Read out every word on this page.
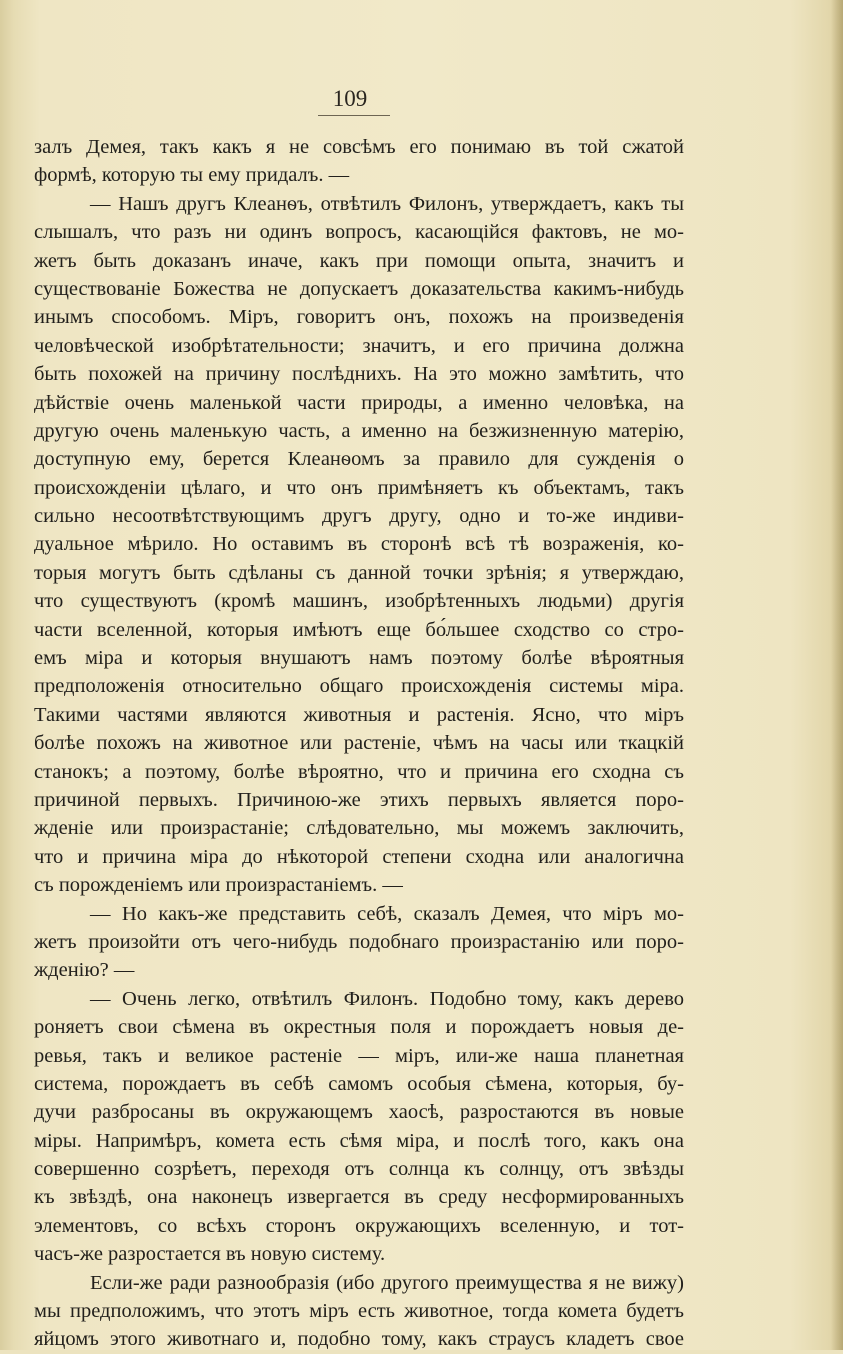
109
залъ Демея, такъ какъ я не совсѣмъ его понимаю въ той сжатой
формѣ, которую ты ему придалъ. —
— Нашъ другъ Клеанѳъ, отвѣтилъ Филонъ, утверждаетъ, какъ ты
слышалъ, что разъ ни одинъ вопросъ, касающійся фактовъ, не мо-
жетъ быть доказанъ иначе, какъ при помощи опыта, значитъ и
существованіе Божества не допускаетъ доказательства какимъ-нибудь
инымъ способомъ. Міръ, говоритъ онъ, похожъ на произведенія
человѣческой изобрѣтательности; значитъ, и его причина должна
быть похожей на причину послѣднихъ. На это можно замѣтить, что
дѣйствіе очень маленькой части природы, а именно человѣка, на
другую очень маленькую часть, а именно на безжизненную матерію,
доступную ему, берется Клеанѳомъ за правило для сужденія о
происхожденіи цѣлаго, и что онъ примѣняетъ къ объектамъ, такъ
сильно несоотвѣтствующимъ другъ другу, одно и то-же индиви-
дуальное мѣрило. Но оставимъ въ сторонѣ всѣ тѣ возраженія, ко-
торыя могутъ быть сдѣланы съ данной точки зрѣнія; я утверждаю,
что существуютъ (кромѣ машинъ, изобрѣтенныхъ людьми) другія
части вселенной, которыя имѣютъ еще бо́льшее сходство со стро-
емъ міра и которыя внушаютъ намъ поэтому болѣе вѣроятныя
предположенія относительно общаго происхожденія системы міра.
Такими частями являются животныя и растенія. Ясно, что міръ
болѣе похожъ на животное или растеніе, чѣмъ на часы или ткацкій
станокъ; а поэтому, болѣе вѣроятно, что и причина его сходна съ
причиной первыхъ. Причиною-же этихъ первыхъ является поро-
жденіе или произрастаніе; слѣдовательно, мы можемъ заключить,
что и причина міра до нѣкоторой степени сходна или аналогична
съ порожденіемъ или произрастаніемъ. —
— Но какъ-же представить себѣ, сказалъ Демея, что міръ мо-
жетъ произойти отъ чего-нибудь подобнаго произрастанію или поро-
жденію? —
— Очень легко, отвѣтилъ Филонъ. Подобно тому, какъ дерево
роняетъ свои сѣмена въ окрестныя поля и порождаетъ новыя де-
ревья, такъ и великое растеніе — міръ, или-же наша планетная
система, порождаетъ въ себѣ самомъ особыя сѣмена, которыя, бу-
дучи разбросаны въ окружающемъ хаосѣ, разростаются въ новые
міры. Напримѣръ, комета есть сѣмя міра, и послѣ того, какъ она
совершенно созрѣетъ, переходя отъ солнца къ солнцу, отъ звѣзды
къ звѣздѣ, она наконецъ извергается въ среду несформированныхъ
элементовъ, со всѣхъ сторонъ окружающихъ вселенную, и тот-
часъ-же разростается въ новую систему.
Если-же ради разнообразія (ибо другого преимущества я не вижу)
мы предположимъ, что этотъ міръ есть животное, тогда комета будетъ
яйцомъ этого животнаго и, подобно тому, какъ страусъ кладетъ свое
